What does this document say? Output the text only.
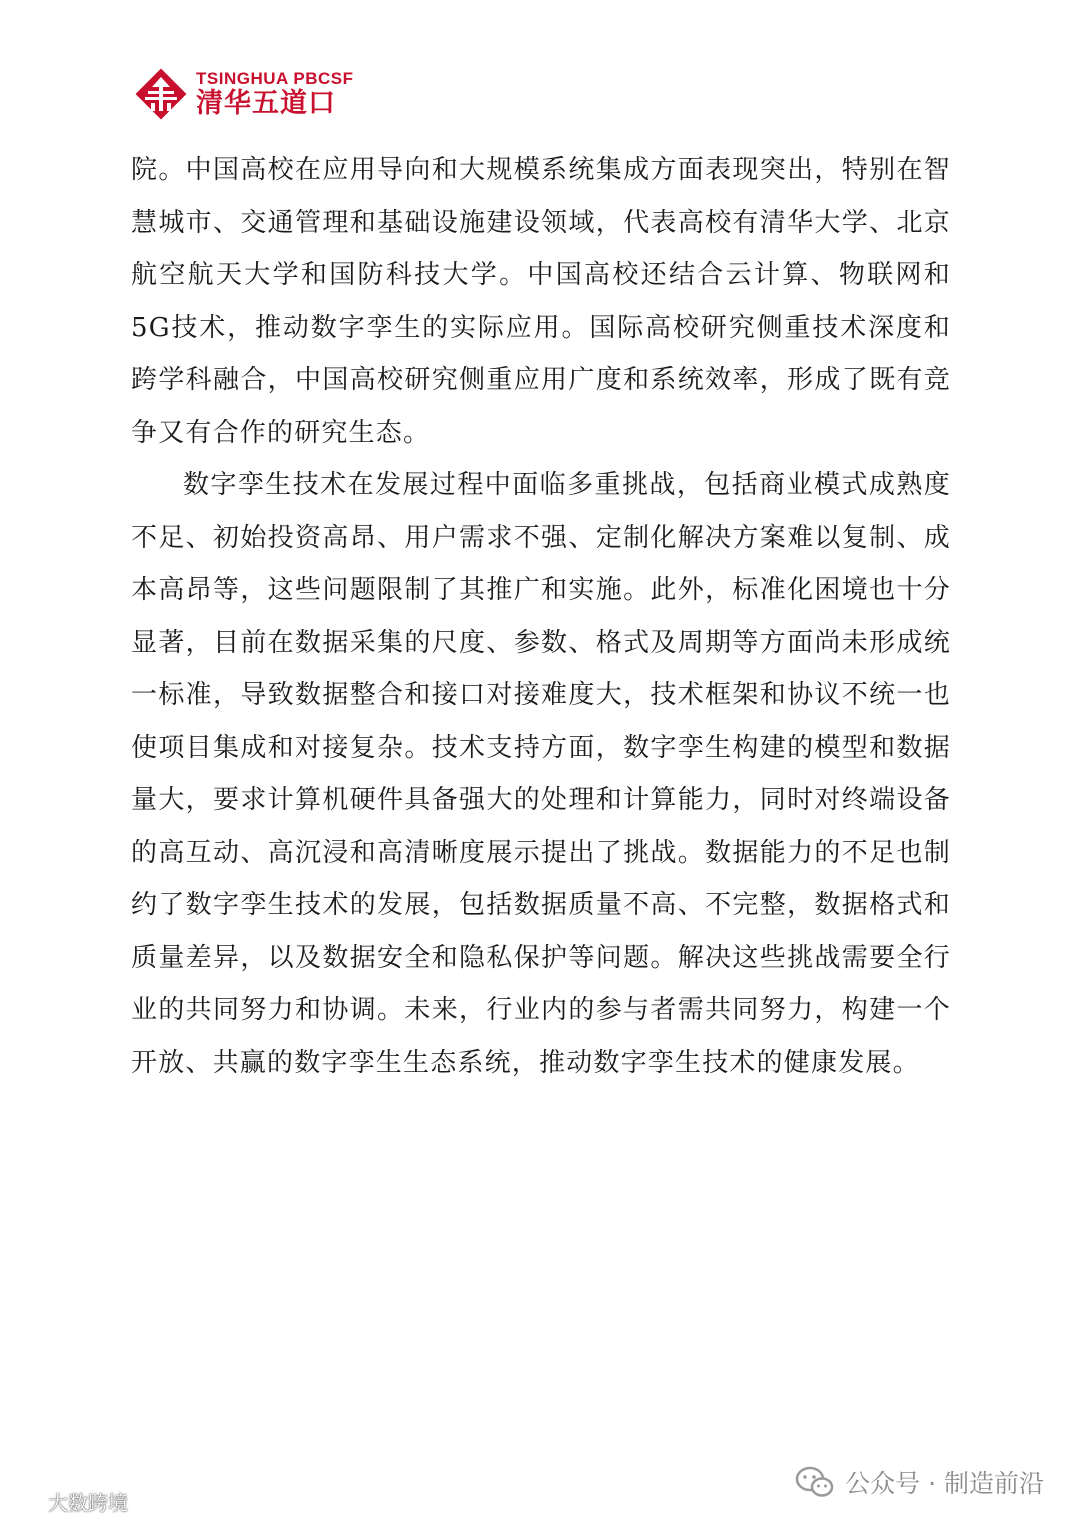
TSINGHUA PBCSF
清华五道口

院。中国高校在应用导向和大规模系统集成方面表现突出，特别在智慧城市、交通管理和基础设施建设领域，代表高校有清华大学、北京航空航天大学和国防科技大学。中国高校还结合云计算、物联网和5G技术，推动数字孪生的实际应用。国际高校研究侧重技术深度和跨学科融合，中国高校研究侧重应用广度和系统效率，形成了既有竞争又有合作的研究生态。

数字孪生技术在发展过程中面临多重挑战，包括商业模式成熟度不足、初始投资高昂、用户需求不强、定制化解决方案难以复制、成本高昂等，这些问题限制了其推广和实施。此外，标准化困境也十分显著，目前在数据采集的尺度、参数、格式及周期等方面尚未形成统一标准，导致数据整合和接口对接难度大，技术框架和协议不统一也使项目集成和对接复杂。技术支持方面，数字孪生构建的模型和数据量大，要求计算机硬件具备强大的处理和计算能力，同时对终端设备的高互动、高沉浸和高清晰度展示提出了挑战。数据能力的不足也制约了数字孪生技术的发展，包括数据质量不高、不完整，数据格式和质量差异，以及数据安全和隐私保护等问题。解决这些挑战需要全行业的共同努力和协调。未来，行业内的参与者需共同努力，构建一个开放、共赢的数字孪生生态系统，推动数字孪生技术的健康发展。

大数跨境
公众号 · 制造前沿
